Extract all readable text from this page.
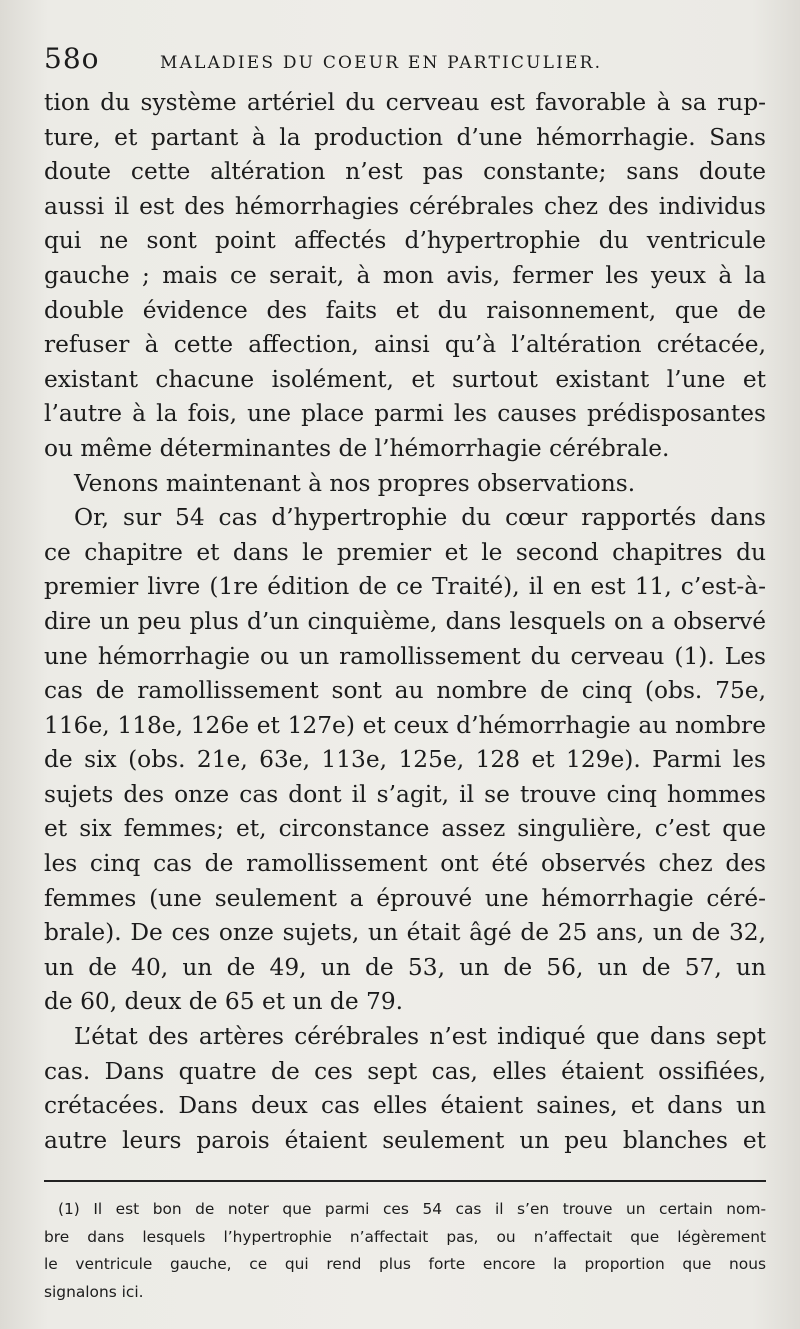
58o	MALADIES DU COEUR EN PARTICULIER.
tion du système artériel du cerveau est favorable à sa rup-
ture, et partant à la production d’une hémorrhagie. Sans
doute cette altération n’est pas constante; sans doute
aussi il est des hémorrhagies cérébrales chez des individus
qui ne sont point affectés d’hypertrophie du ventricule
gauche ; mais ce serait, à mon avis, fermer les yeux à la
double évidence des faits et du raisonnement, que de
refuser à cette affection, ainsi qu’à l’altération crétacée,
existant chacune isolément, et surtout existant l’une et
l’autre à la fois, une place parmi les causes prédisposantes
ou même déterminantes de l’hémorrhagie cérébrale.
Venons maintenant à nos propres observations.
Or, sur 54 cas d’hypertrophie du cœur rapportés dans
ce chapitre et dans le premier et le second chapitres du
premier livre (1re édition de ce Traité), il en est 11, c’est-à-
dire un peu plus d’un cinquième, dans lesquels on a observé
une hémorrhagie ou un ramollissement du cerveau (1). Les
cas de ramollissement sont au nombre de cinq (obs. 75e,
116e, 118e, 126e et 127e) et ceux d’hémorrhagie au nombre
de six (obs. 21e, 63e, 113e, 125e, 128 et 129e). Parmi les
sujets des onze cas dont il s’agit, il se trouve cinq hommes
et six femmes; et, circonstance assez singulière, c’est que
les cinq cas de ramollissement ont été observés chez des
femmes (une seulement a éprouvé une hémorrhagie céré-
brale). De ces onze sujets, un était âgé de 25 ans, un de 32,
un de 40, un de 49, un de 53, un de 56, un de 57, un
de 60, deux de 65 et un de 79.
L’état des artères cérébrales n’est indiqué que dans sept
cas. Dans quatre de ces sept cas, elles étaient ossifiées,
crétacées. Dans deux cas elles étaient saines, et dans un
autre leurs parois étaient seulement un peu blanches et
(1) Il est bon de noter que parmi ces 54 cas il s’en trouve un certain nom-
bre dans lesquels l’hypertrophie n’affectait pas, ou n’affectait que légèrement
le ventricule gauche, ce qui rend plus forte encore la proportion que nous
signalons ici.
